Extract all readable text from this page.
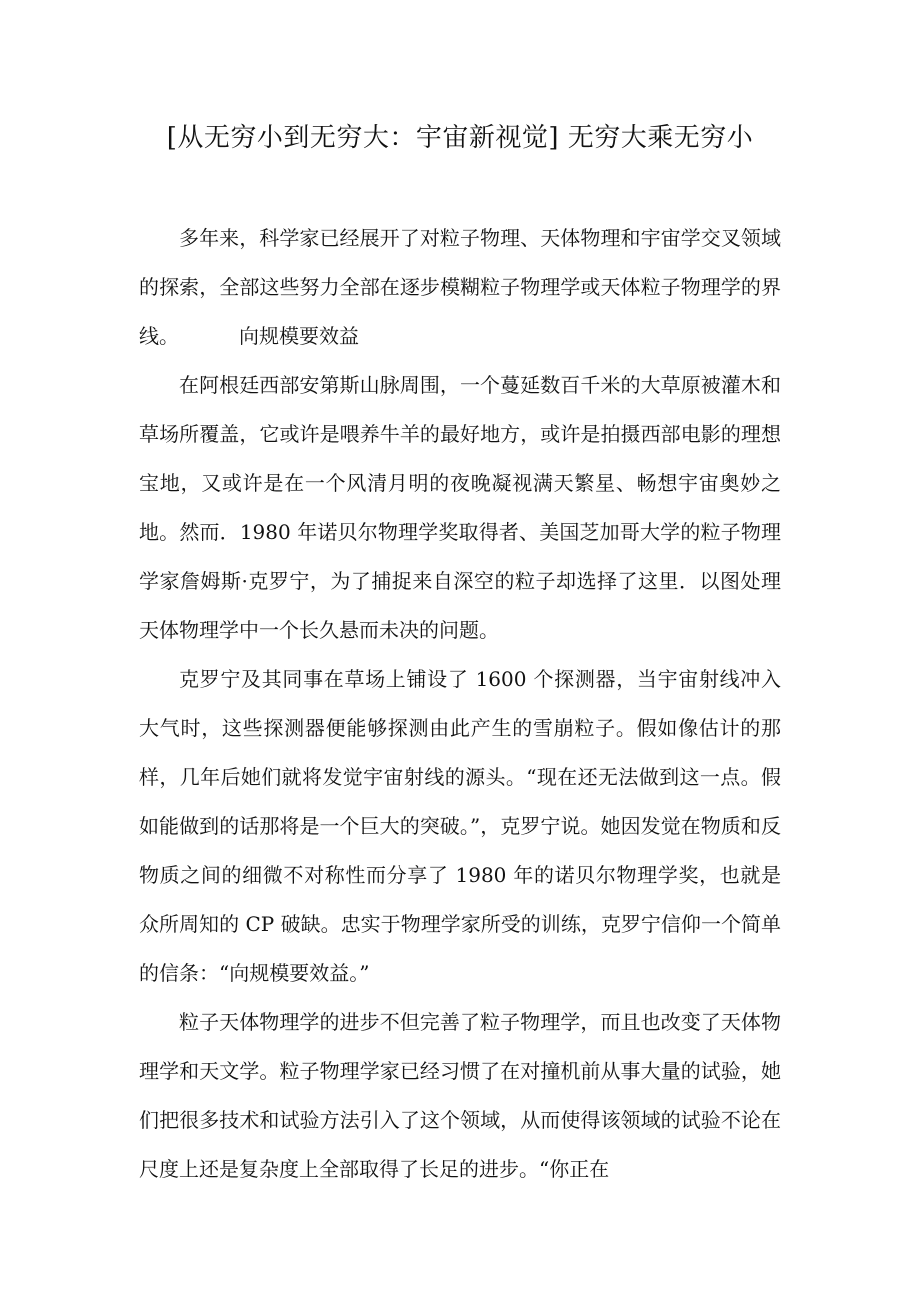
[从无穷小到无穷大：宇宙新视觉] 无穷大乘无穷小

多年来，科学家已经展开了对粒子物理、天体物理和宇宙学交叉领域的探索，全部这些努力全部在逐步模糊粒子物理学或天体粒子物理学的界线。	向规模要效益

在阿根廷西部安第斯山脉周围，一个蔓延数百千米的大草原被灌木和草场所覆盖，它或许是喂养牛羊的最好地方，或许是拍摄西部电影的理想宝地，又或许是在一个风清月明的夜晚凝视满天繁星、畅想宇宙奥妙之地。然而．1980 年诺贝尔物理学奖取得者、美国芝加哥大学的粒子物理学家詹姆斯·克罗宁，为了捕捉来自深空的粒子却选择了这里．以图处理天体物理学中一个长久悬而未决的问题。

克罗宁及其同事在草场上铺设了 1600 个探测器，当宇宙射线冲入大气时，这些探测器便能够探测由此产生的雪崩粒子。假如像估计的那样，几年后她们就将发觉宇宙射线的源头。“现在还无法做到这一点。假如能做到的话那将是一个巨大的突破。”，克罗宁说。她因发觉在物质和反物质之间的细微不对称性而分享了 1980 年的诺贝尔物理学奖，也就是众所周知的 CP 破缺。忠实于物理学家所受的训练，克罗宁信仰一个简单的信条：“向规模要效益。”

粒子天体物理学的进步不但完善了粒子物理学，而且也改变了天体物理学和天文学。粒子物理学家已经习惯了在对撞机前从事大量的试验，她们把很多技术和试验方法引入了这个领域，从而使得该领域的试验不论在尺度上还是复杂度上全部取得了长足的进步。“你正在
